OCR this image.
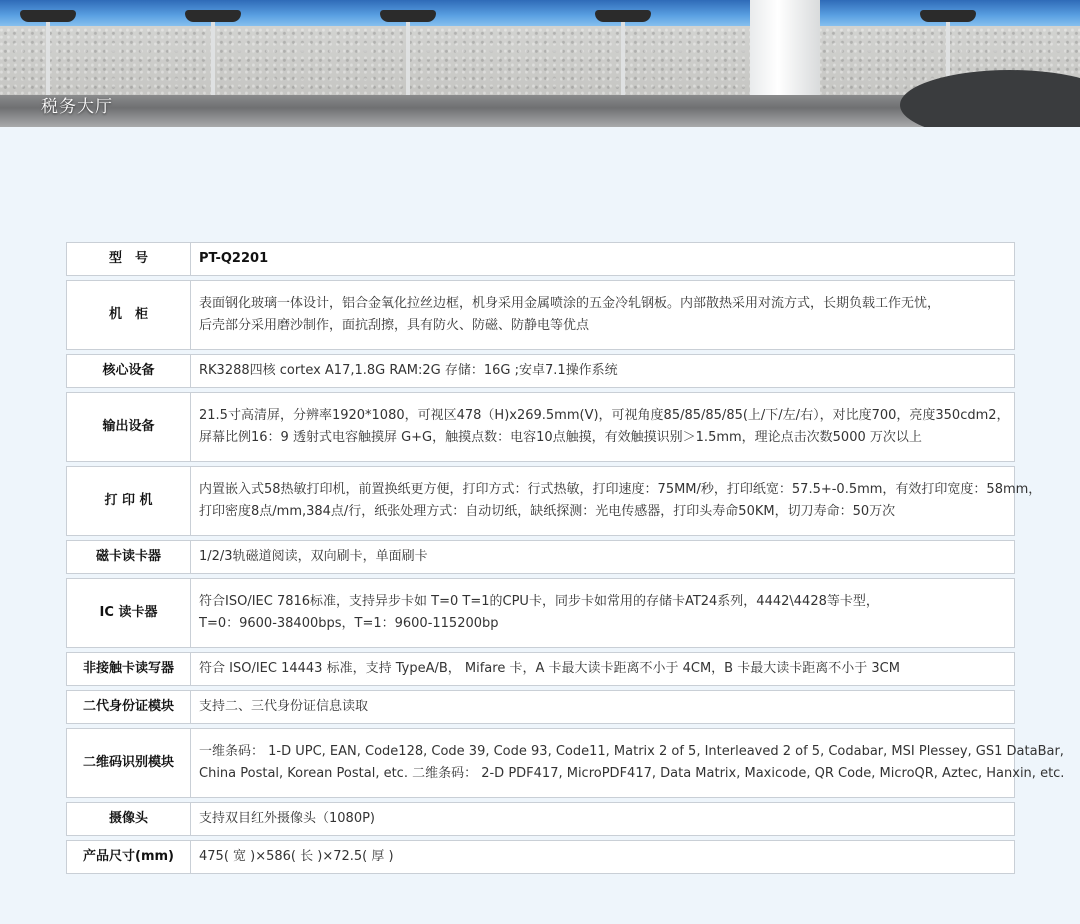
税务大厅
型　号	PT-Q2201

机　柜	表面钢化玻璃一体设计，铝合金氧化拉丝边框，机身采用金属喷涂的五金冷轧钢板。内部散热采用对流方式，长期负载工作无忧，
后壳部分采用磨沙制作，面抗刮擦，具有防火、防磁、防静电等优点

核心设备	RK3288四核 cortex A17,1.8G RAM:2G 存储：16G ;安卓7.1操作系统

输出设备	21.5寸高清屏，分辨率1920*1080，可视区478（H)x269.5mm(V)，可视角度85/85/85/85(上/下/左/右），对比度700，亮度350cdm2，
屏幕比例16：9 透射式电容触摸屏 G+G，触摸点数：电容10点触摸，有效触摸识别＞1.5mm，理论点击次数5000 万次以上

打 印 机	内置嵌入式58热敏打印机，前置换纸更方便，打印方式：行式热敏，打印速度：75MM/秒，打印纸宽：57.5+-0.5mm，有效打印宽度：58mm，
打印密度8点/mm,384点/行，纸张处理方式：自动切纸，缺纸探测：光电传感器，打印头寿命50KM，切刀寿命：50万次

磁卡读卡器	1/2/3轨磁道阅读，双向刷卡，单面刷卡

IC 读卡器	符合ISO/IEC 7816标准，支持异步卡如 T=0 T=1的CPU卡，同步卡如常用的存储卡AT24系列，4442\4428等卡型，
T=0：9600-38400bps，T=1：9600-115200bp

非接触卡读写器	符合 ISO/IEC 14443 标准，支持 TypeA/B， Mifare 卡，A 卡最大读卡距离不小于 4CM，B 卡最大读卡距离不小于 3CM

二代身份证模块	支持二、三代身份证信息读取

二维码识别模块	一维条码： 1-D UPC, EAN, Code128, Code 39, Code 93, Code11, Matrix 2 of 5, Interleaved 2 of 5, Codabar, MSI Plessey, GS1 DataBar,
China Postal, Korean Postal, etc. 二维条码： 2-D PDF417, MicroPDF417, Data Matrix, Maxicode, QR Code, MicroQR, Aztec, Hanxin, etc.

摄像头	支持双目红外摄像头（1080P)

产品尺寸(mm)	475( 宽 )×586( 长 )×72.5( 厚 )
